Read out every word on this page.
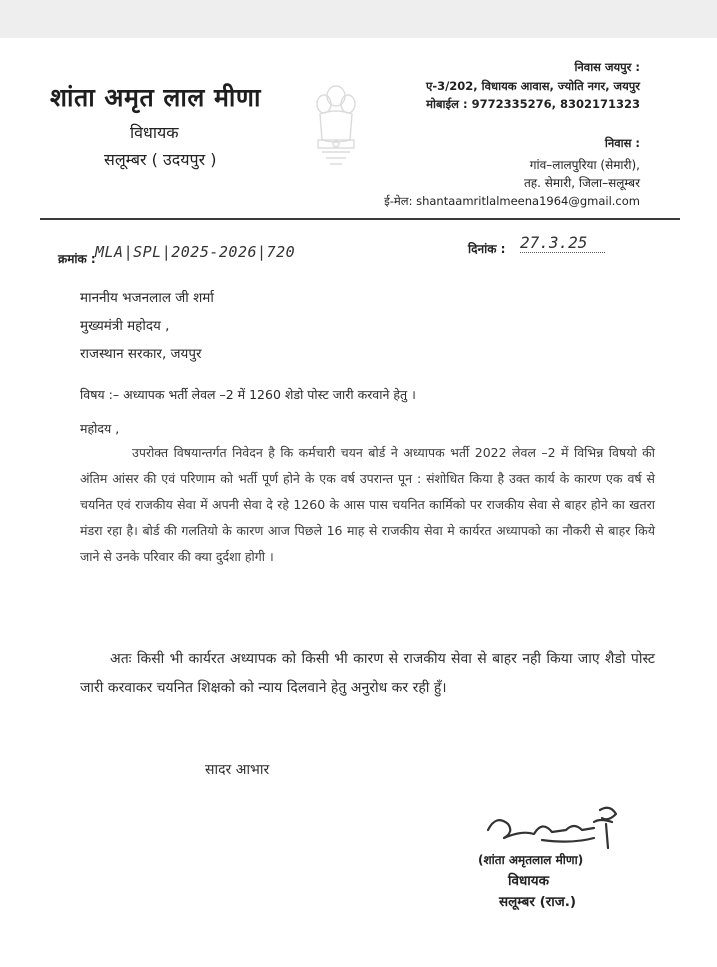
शांता अमृत लाल मीणा
विधायक
सलूम्बर ( उदयपुर )
निवास जयपुर :
ए-3/202, विधायक आवास, ज्योति नगर, जयपुर
मोबाईल : 9772335276, 8302171323
निवास :
गांव–लालपुरिया (सेमारी),
तह. सेमारी, जिला–सलूम्बर
ई-मेल: shantaamritlalmeena1964@gmail.com
क्रमांक : MLA|SPL|2025-2026|720	दिनांक : 27.3.25
माननीय भजनलाल जी शर्मा
मुख्यमंत्री महोदय ,
राजस्थान सरकार, जयपुर
विषय :– अध्यापक भर्ती लेवल –2 में 1260 शेडो पोस्ट जारी करवाने हेतु ।
महोदय ,
उपरोक्त विषयान्तर्गत निवेदन है कि कर्मचारी चयन बोर्ड ने अध्यापक भर्ती 2022 लेवल –2 में विभिन्न विषयो की अंतिम आंसर की एवं परिणाम को भर्ती पूर्ण होने के एक वर्ष उपरान्त पून : संशोधित किया है उक्त कार्य के कारण एक वर्ष से चयनित एवं राजकीय सेवा में अपनी सेवा दे रहे 1260 के आस पास चयनित कार्मिको पर राजकीय सेवा से बाहर होने का खतरा मंडरा रहा है। बोर्ड की गलतियो के कारण आज पिछले 16 माह से राजकीय सेवा मे कार्यरत अध्यापको का नौकरी से बाहर किये जाने से उनके परिवार की क्या दुर्दशा होगी ।
अतः किसी भी कार्यरत अध्यापक को किसी भी कारण से राजकीय सेवा से बाहर नही किया जाए शैडो पोस्ट जारी करवाकर चयनित शिक्षको को न्याय दिलवाने हेतु अनुरोध कर रही हुँ।
सादर आभार
(शांता अमृतलाल मीणा)
विधायक
सलूम्बर (राज.)
